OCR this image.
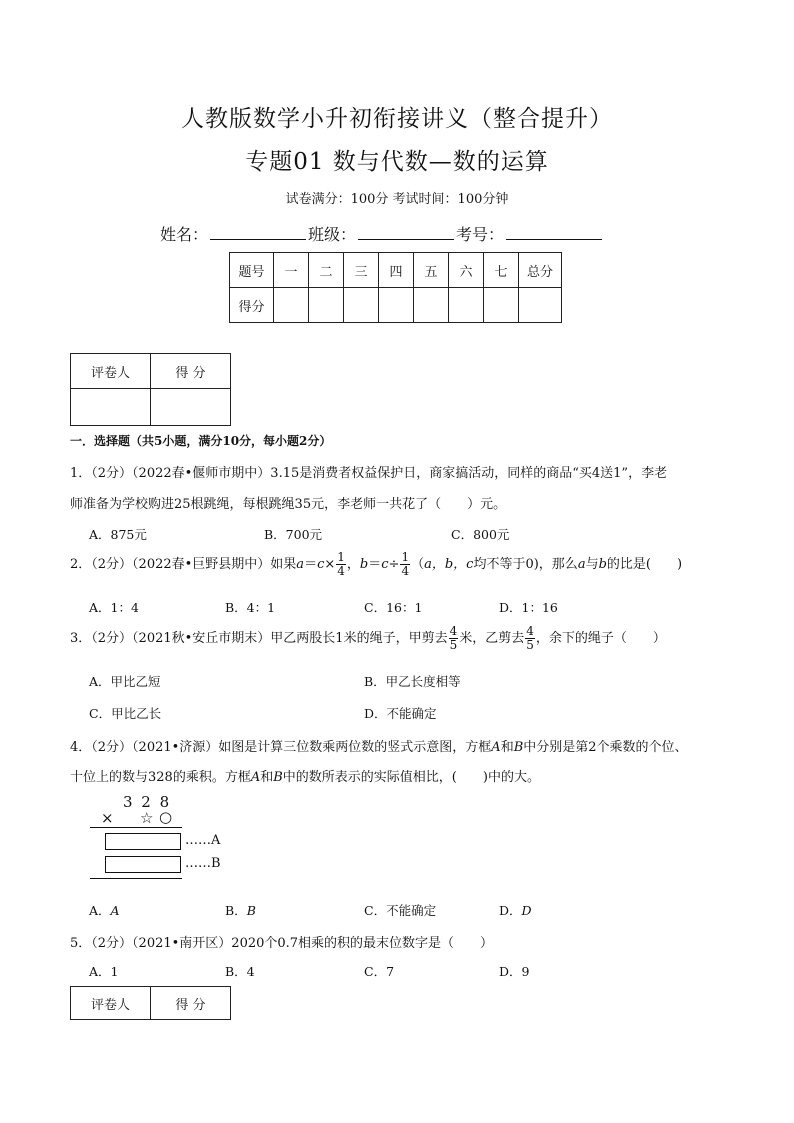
人教版数学小升初衔接讲义（整合提升）
专题01 数与代数—数的运算
试卷满分：100分 考试时间：100分钟
姓名：	班级：	考号：
题号	一	二	三	四	五	六	七	总分
得分								
评卷人	得 分

一．选择题（共5小题，满分10分，每小题2分）
1．（2分）（2022春•偃师市期中）3.15是消费者权益保护日，商家搞活动，同样的商品“买4送1”，李老
师准备为学校购进25根跳绳，每根跳绳35元，李老师一共花了（　　）元。
A．875元	B．700元	C．800元
2．（2分）（2022春•巨野县期中）如果$a=c\times \frac{1}{4}$ ，$b=c\div \frac{1}{4} (a$，b，c均不等于0)，那么a与b的比是(　　)
A．1：4	B．4：1	C．16：1	D．1：16
3．（2分）（2021秋•安丘市期末）甲乙两股长1米的绳子，甲剪去 $\frac{4}{5}$ 米，乙剪去 $\frac{4}{5}$ ，余下的绳子（　　）
A．甲比乙短	B．甲乙长度相等
C．甲比乙长	D．不能确定
4．（2分）（2021•济源）如图是计算三位数乘两位数的竖式示意图，方框A和B中分别是第2个乘数的个位、
十位上的数与328的乘积。方框A和B中的数所表示的实际值相比，(　　)中的大。
3 2 8
× ☆ ○
……A
……B
A．A	B．B	C．不能确定	D．D
5．（2分）（2021•南开区）2020个0.7相乘的积的最末位数字是（　　）
A．1	B．4	C．7	D．9
评卷人	得 分
